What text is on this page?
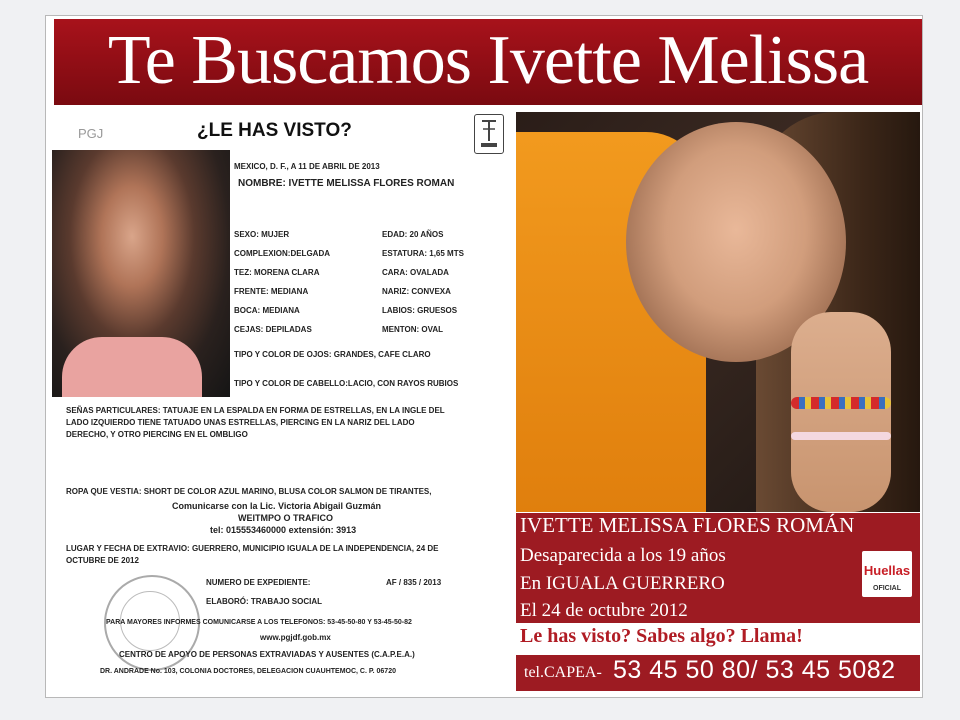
Te Buscamos Ivette Melissa
PGJ	¿LE HAS VISTO?
MEXICO, D. F., A 11 DE ABRIL DE 2013
NOMBRE: IVETTE MELISSA FLORES ROMAN
SEXO: MUJER	EDAD: 20 AÑOS
COMPLEXION:DELGADA	ESTATURA: 1,65 MTS
TEZ: MORENA CLARA	CARA: OVALADA
FRENTE: MEDIANA	NARIZ: CONVEXA
BOCA: MEDIANA	LABIOS: GRUESOS
CEJAS: DEPILADAS	MENTON: OVAL
TIPO Y COLOR DE OJOS: GRANDES, CAFE CLARO
TIPO Y COLOR DE CABELLO:LACIO, CON RAYOS RUBIOS
SEÑAS PARTICULARES: TATUAJE EN LA ESPALDA EN FORMA DE ESTRELLAS, EN LA INGLE DEL
LADO IZQUIERDO TIENE TATUADO UNAS ESTRELLAS, PIERCING EN LA NARIZ DEL LADO
DERECHO, Y OTRO PIERCING EN EL OMBLIGO
ROPA QUE VESTIA: SHORT DE COLOR AZUL MARINO, BLUSA COLOR SALMON DE TIRANTES,
Comunicarse con la Lic. Victoria Abigail Guzmán
WEITMPO O TRAFICO
tel: 015553460000 extensión: 3913
LUGAR Y FECHA DE EXTRAVIO: GUERRERO, MUNICIPIO IGUALA DE LA INDEPENDENCIA, 24 DE
OCTUBRE DE 2012
NUMERO DE EXPEDIENTE:	AF / 835 / 2013
ELABORÓ: TRABAJO SOCIAL
PARA MAYORES INFORMES COMUNICARSE A LOS TELEFONOS: 53-45-50-80 Y 53-45-50-82
www.pgjdf.gob.mx
CENTRO DE APOYO DE PERSONAS EXTRAVIADAS Y AUSENTES (C.A.P.E.A.)
DR. ANDRADE No. 103, COLONIA DOCTORES, DELEGACION CUAUHTEMOC, C. P. 06720
IVETTE MELISSA FLORES ROMÁN
Desaparecida a los 19 años
En IGUALA GUERRERO
El 24 de octubre 2012
Huellas
OFICIAL
Le has visto? Sabes algo? Llama!
tel.CAPEA- 53 45 50 80/ 53 45 5082
